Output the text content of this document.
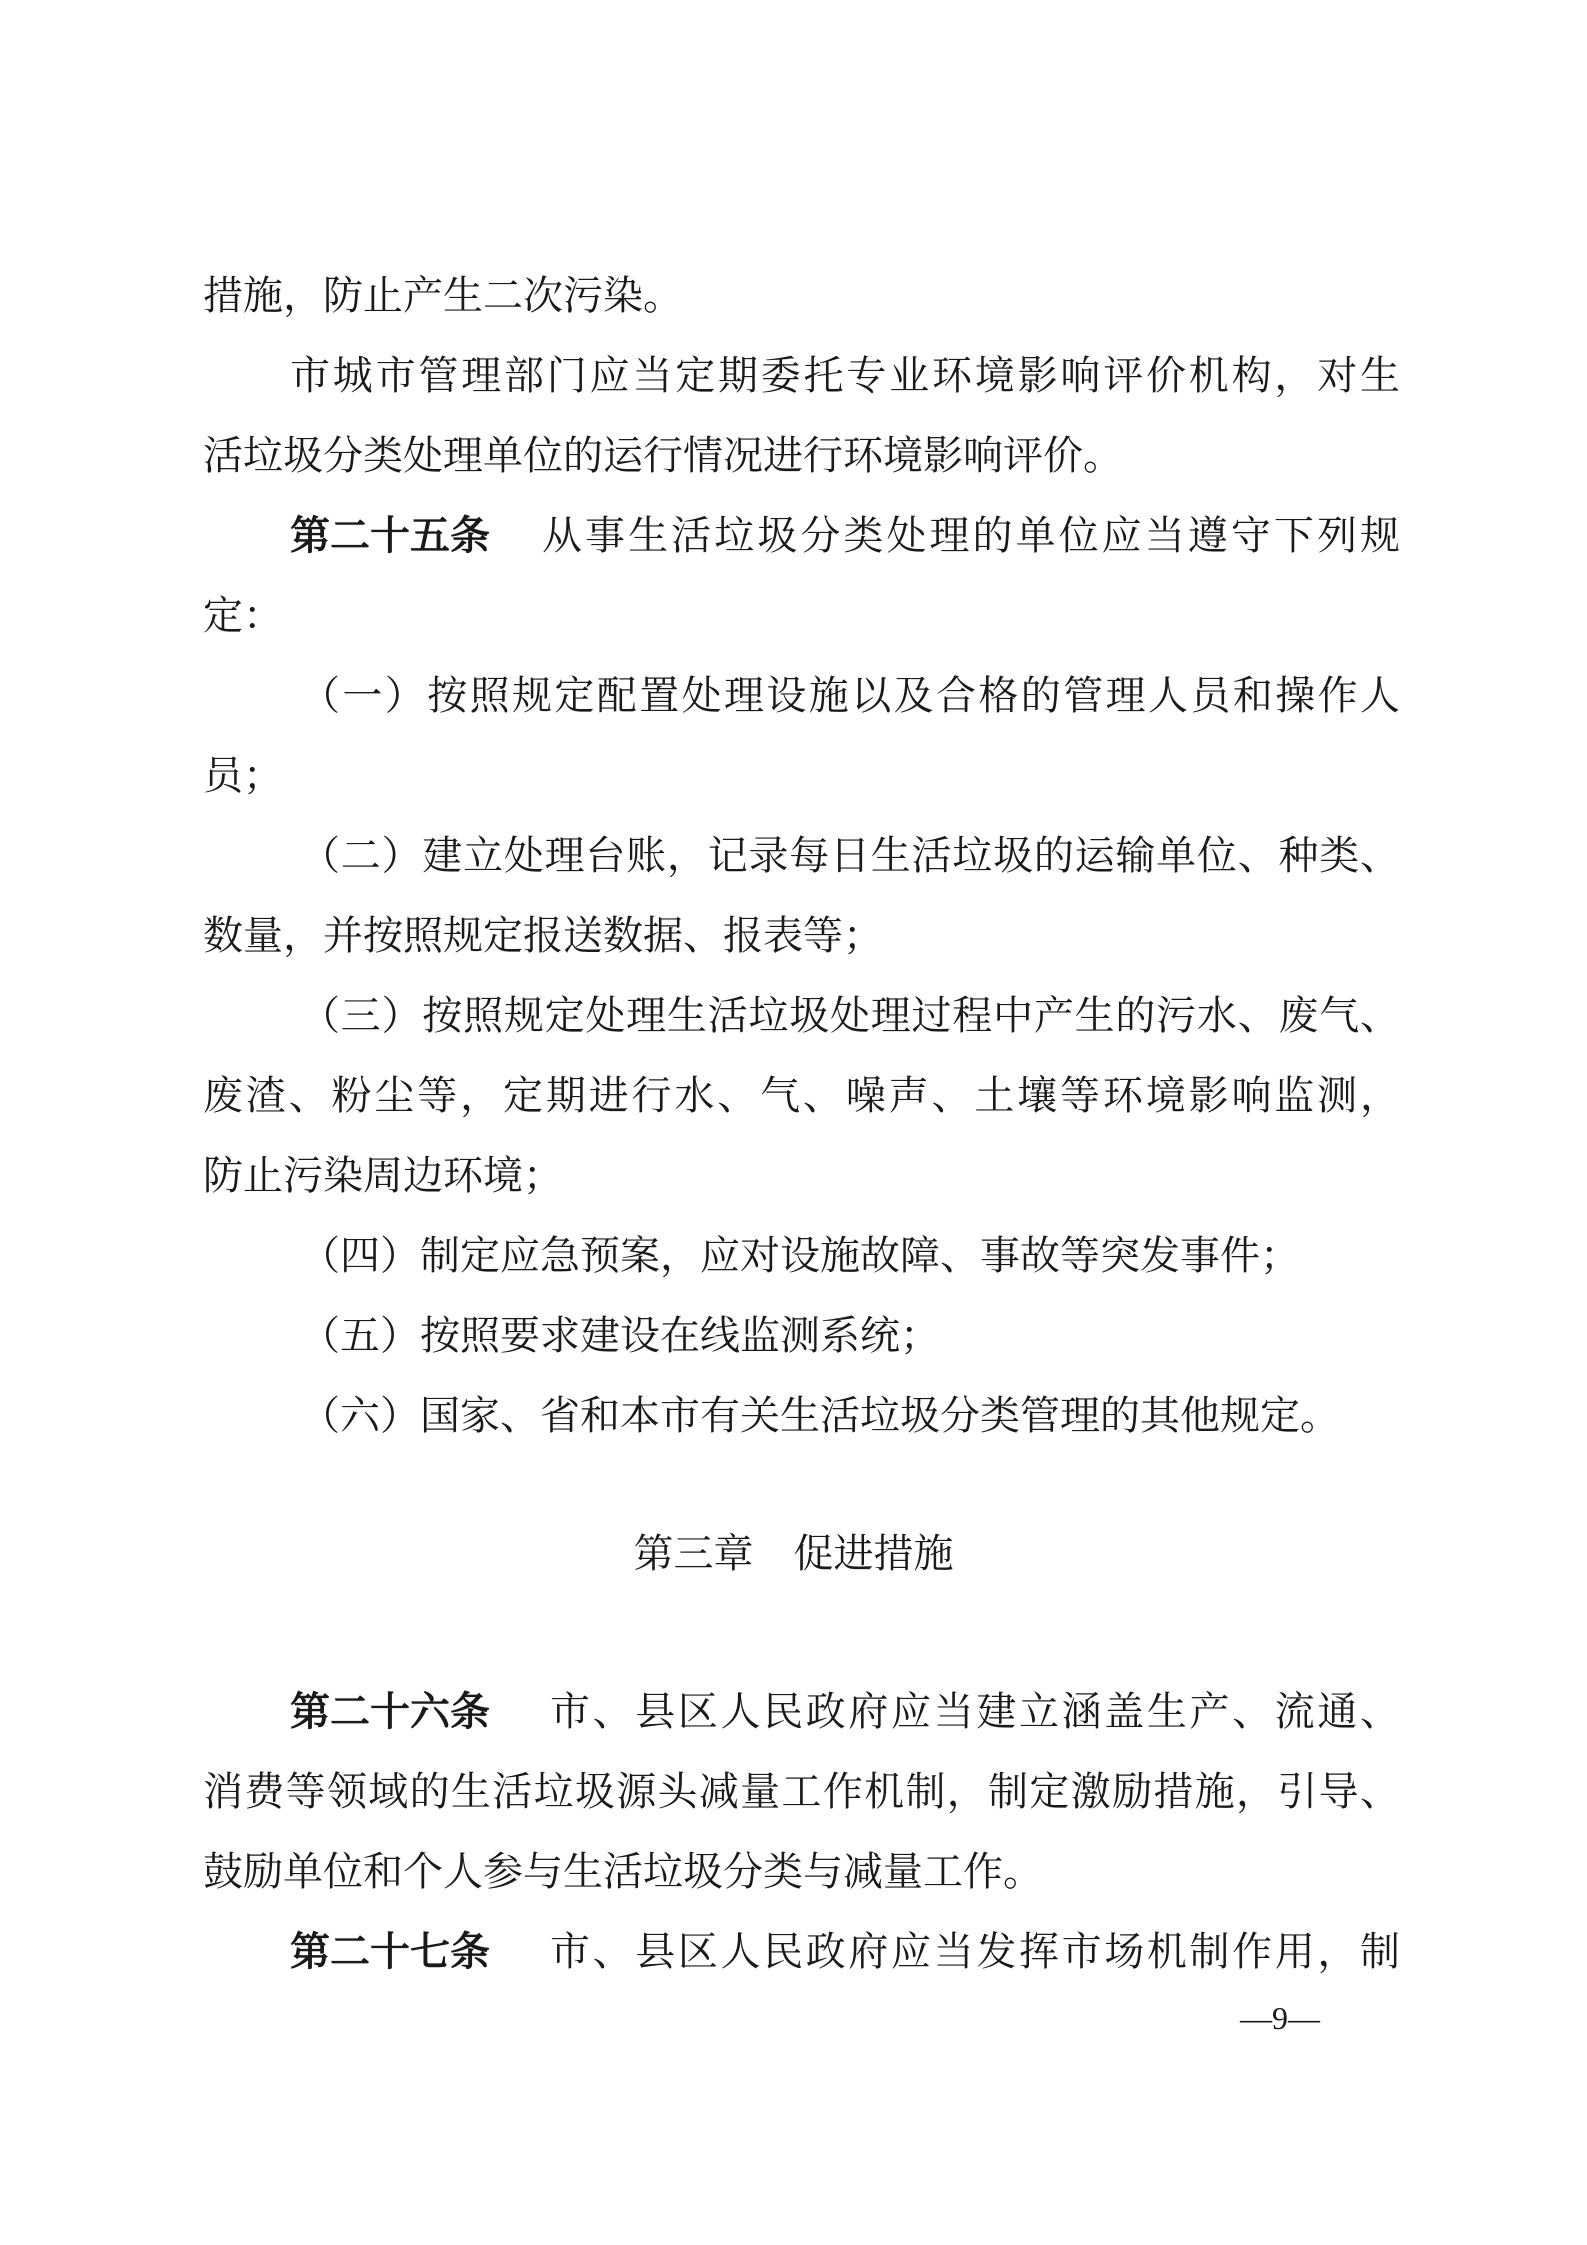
措施，防止产生二次污染。
市城市管理部门应当定期委托专业环境影响评价机构，对生
活垃圾分类处理单位的运行情况进行环境影响评价。
第二十五条 从事生活垃圾分类处理的单位应当遵守下列规
定：
（一）按照规定配置处理设施以及合格的管理人员和操作人
员；
（二）建立处理台账，记录每日生活垃圾的运输单位、种类、
数量，并按照规定报送数据、报表等；
（三）按照规定处理生活垃圾处理过程中产生的污水、废气、
废渣、粉尘等，定期进行水、气、噪声、土壤等环境影响监测，
防止污染周边环境；
（四）制定应急预案，应对设施故障、事故等突发事件；
（五）按照要求建设在线监测系统；
（六）国家、省和本市有关生活垃圾分类管理的其他规定。
第三章　促进措施
第二十六条 市、县区人民政府应当建立涵盖生产、流通、
消费等领域的生活垃圾源头减量工作机制，制定激励措施，引导、
鼓励单位和个人参与生活垃圾分类与减量工作。
第二十七条 市、县区人民政府应当发挥市场机制作用，制
—9—
